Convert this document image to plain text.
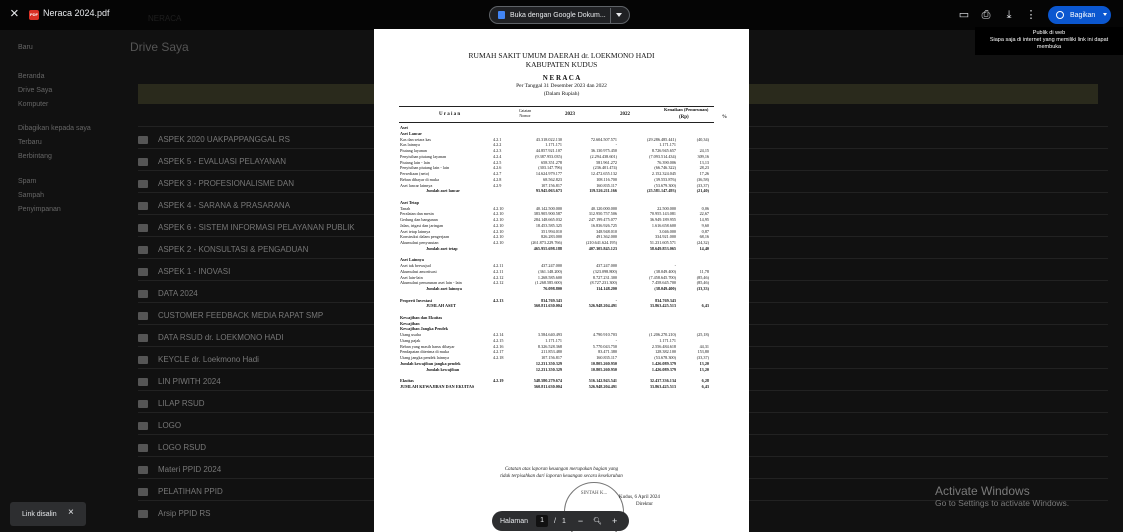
Drive Saya
Baru
Beranda
Drive Saya
Komputer
Dibagikan kepada saya
Terbaru
Berbintang
Spam
Sampah
Penyimpanan
ASPEK 2020 UAKPAPPANGGAL RS
ASPEK 5 - EVALUASI PELAYANAN
ASPEK 3 - PROFESIONALISME DAN
ASPEK 4 - SARANA & PRASARANA
ASPEK 6 - SISTEM INFORMASI PELAYANAN PUBLIK
ASPEK 2 - KONSULTASI & PENGADUAN
ASPEK 1 - INOVASI
DATA 2024
CUSTOMER FEEDBACK MEDIA RAPAT SMP
DATA RSUD dr. LOEKMONO HADI
KEYCLE dr. Loekmono Hadi
LIN PIWITH 2024
LILAP RSUD
LOGO
LOGO RSUD
Materi PPID 2024
PELATIHAN PPID
Arsip PPID RS
×	PDF Neraca 2024.pdf	Buka dengan Google Dokum...	▭ ⎙	⤓	⋮	Bagikan
Publik di web
Siapa saja di internet yang memiliki link ini dapat membuka
RUMAH SAKIT UMUM DAERAH dr. LOEKMONO HADI
KABUPATEN KUDUS
N E R A C A
Per Tanggal 31 Desember 2023 dan 2022
(Dalam Rupiah)
U r a i a n
Catatan Nomor	2023	2022
Kenaikan (Penurunan)
(Rp)	%
Aset
Aset Lancar
Kas dan setara kas	4.2.1	43.318.022.130	72.604.507.571	(29.286.485.441)	(40,34)
Kas lainnya	4.2.2	1.171.171	-	1.171.171
Piutang layanan	4.2.3	44.857.921.107	36.130.975.450	8.726.945.657	24,15
Penyisihan piutang layanan	4.2.4	(9.387.953.035)	(2.294.438.601)	(7.093.514.434)	309,16
Piutang lain - lain	4.2.5	658.351.278	581.961.272	76.390.006	13,13
Penyisihan piutang lain - lain	4.2.6	(303.147.796)	(236.401.474)	(66.746.322)	28,23
Persediaan (neto)	4.2.7	14.624.979.177	12.472.655.132	2.152.324.045	17,26
Beban dibayar di muka	4.2.8	68.562.823	108.116.700	(39.553.876)	(36,58)
Aset lancar lainnya	4.2.9	107.156.817	160.835.117	(53.679.300)	(33,37)
Jumlah aset lancar	93.945.063.673	119.526.211.166	(25.581.147.493)	(21,40)
Aset Tetap
Tanah	4.2.10	40.142.500.000	40.120.000.000	22.500.000	0,06
Peralatan dan mesin	4.2.10	383.905.900.587	312.950.757.506	70.955.143.081	22,67
Gedung dan bangunan	4.2.10	284.148.665.032	247.199.475.077	36.949.189.955	14,95
Jalan, irigasi dan jaringan	4.2.10	18.453.585.325	16.836.926.725	1.616.658.600	9,60
Aset tetap lainnya	4.2.10	351.994.010	348.948.010	3.046.000	0,87
Konstruksi dalam pengerjaan	4.2.10	826.283.000	491.362.000	334.921.000	68,16
Akumulasi penyusutan	4.2.10	(261.873.229.766)	(210.641.624.195)	51.231.605.571	(24,32)
Jumlah aset tetap	465.955.698.188	407.305.845.123	58.649.853.065	14,40
Aset Lainnya
Aset tak berwujud	4.2.11	437.247.000	437.247.000	-
Akumulasi amortisasi	4.2.11	(361.148.200)	(323.098.800)	(38.049.400)	11,78
Aset lain-lain	4.2.12	1.268.585.600	8.727.231.300	(7.458.645.700)	(85,46)
Akumulasi penurunan aset lain - lain	4.2.12	(1.268.585.600)	(8.727.231.300)	7.458.645.700	(85,46)
Jumlah aset lainnya	76.098.800	114.148.200	(38.049.400)	(33,33)
Properti Investasi	4.2.13	834.769.343	-	834.769.343
JUMLAH ASET	560.811.630.004	526.948.204.491	33.863.425.513	6,43
Kewajiban dan Ekuitas
Kewajiban
Kewajiban Jangka Pendek
Utang usaha	4.2.14	3.584.640.493	4.790.910.703	(1.206.270.210)	(25,18)
Utang pajak	4.2.15	1.171.171	-	1.171.171
Beban yang masih harus dibayar	4.2.16	8.326.528.368	5.770.043.750	2.556.484.618	44,31
Pendapatan diterima di muka	4.2.17	211.853.480	83.471.380	128.382.100	153,80
Utang jangka pendek lainnya	4.2.18	107.156.817	160.835.117	(53.678.300)	(33,37)
Jumlah kewajiban jangka pendek	12.231.350.329	10.805.260.950	1.426.089.379	13,20
Jumlah kewajiban	12.231.350.329	10.805.260.950	1.426.089.379	13,20
Ekuitas	4.2.19	548.580.279.674	516.142.943.541	32.437.336.134	6,28
JUMLAH KEWAJIBAN DAN EKUITAS	560.811.630.004	526.948.204.491	33.863.425.513	6,43
Catatan atas laporan keuangan merupakan bagian yang
tidak terpisahkan dari laporan keuangan secara keseluruhan
SINTAH K...
Kudus, 6 April 2024
Direktur
Link disalin ×
Halaman	1	/ 1 − 🔍︎ +
Activate Windows
Go to Settings to activate Windows.
